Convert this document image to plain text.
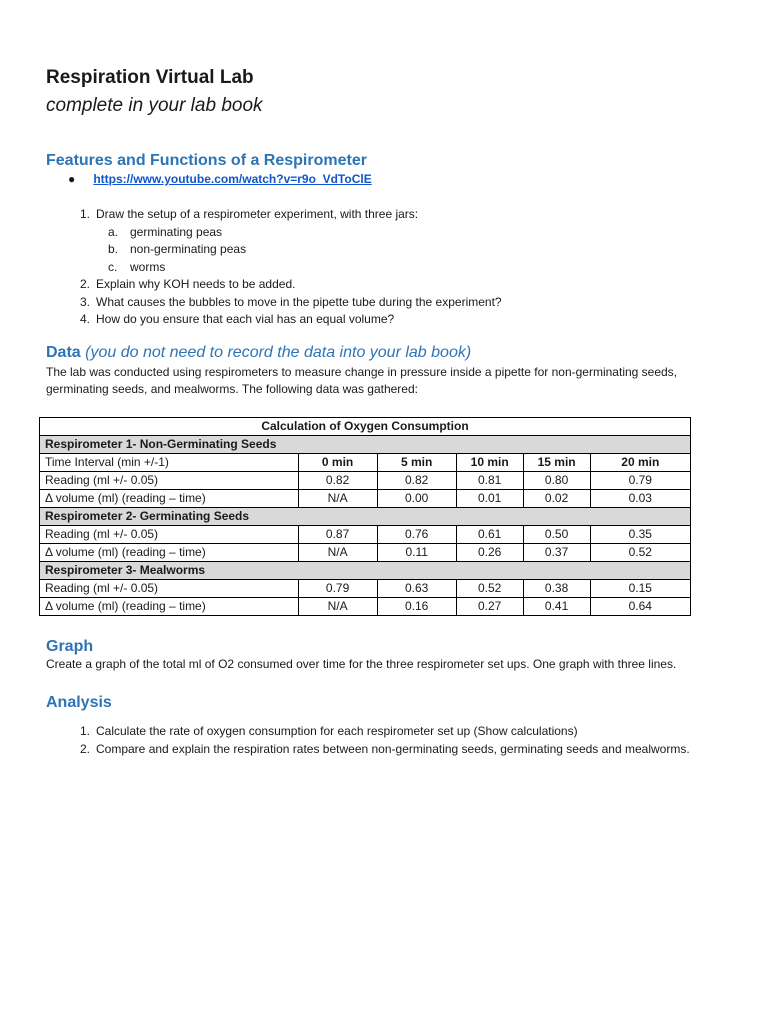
Respiration Virtual Lab

complete in your lab book

Features and Functions of a Respirometer
● https://www.youtube.com/watch?v=r9o_VdToClE
1. Draw the setup of a respirometer experiment, with three jars:
a. germinating peas
b. non-germinating peas
c.	worms
2. Explain why KOH needs to be added.
3. What causes the bubbles to move in the pipette tube during the experiment?
4. How do you ensure that each vial has an equal volume?
Data (you do not need to record the data into your lab book)
The lab was conducted using respirometers to measure change in pressure inside a pipette for non-germinating seeds, germinating seeds, and mealworms. The following data was gathered:
Calculation of Oxygen Consumption					
Respirometer 1- Non-Germinating Seeds					
Time Interval (min +/-1)	0 min	5 min	10 min	15 min	20 min
Reading (ml +/- 0.05)	0.82	0.82	0.81	0.80	0.79
Δ volume (ml) (reading – time)	N/A	0.00	0.01	0.02	0.03
Respirometer 2- Germinating Seeds					
Reading (ml +/- 0.05)	0.87	0.76	0.61	0.50	0.35
Δ volume (ml) (reading – time)	N/A	0.11	0.26	0.37	0.52
Respirometer 3- Mealworms					
Reading (ml +/- 0.05)	0.79	0.63	0.52	0.38	0.15
Δ volume (ml) (reading – time)	N/A	0.16	0.27	0.41	0.64
Graph
Create a graph of the total ml of O2 consumed over time for the three respirometer set ups. One graph with three lines.
Analysis
1. Calculate the rate of oxygen consumption for each respirometer set up (Show calculations)
2. Compare and explain the respiration rates between non-germinating seeds, germinating seeds and mealworms.
